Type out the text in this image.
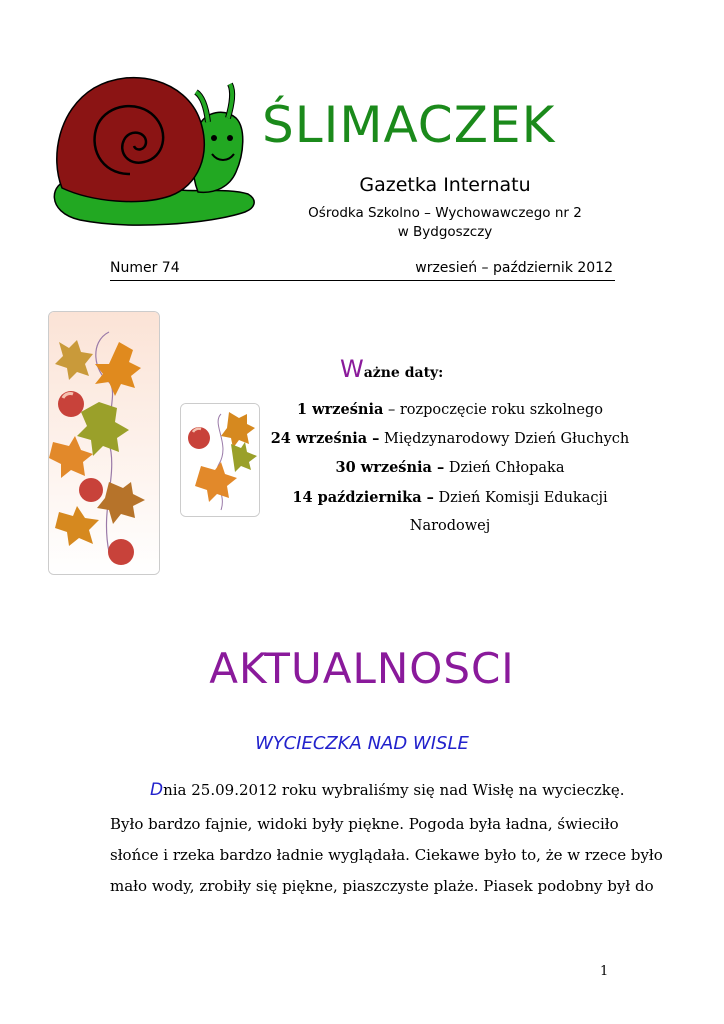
ŚLIMACZEK
Gazetka Internatu
Ośrodka Szkolno – Wychowawczego nr 2
w Bydgoszczy
Numer 74	wrzesień – październik 2012
Ważne daty:
1 września – rozpoczęcie roku szkolnego
24 września – Międzynarodowy Dzień Głuchych
30 września – Dzień Chłopaka
14 października – Dzień Komisji Edukacji
Narodowej
AKTUALNOSCI
WYCIECZKA NAD WISLE
Dnia 25.09.2012 roku wybraliśmy się nad Wisłę na wycieczkę.
Było bardzo fajnie, widoki były piękne. Pogoda była ładna, świeciło
słońce i rzeka bardzo ładnie wyglądała. Ciekawe było to, że w rzece było
mało wody, zrobiły się piękne, piaszczyste plaże. Piasek podobny był do
1
